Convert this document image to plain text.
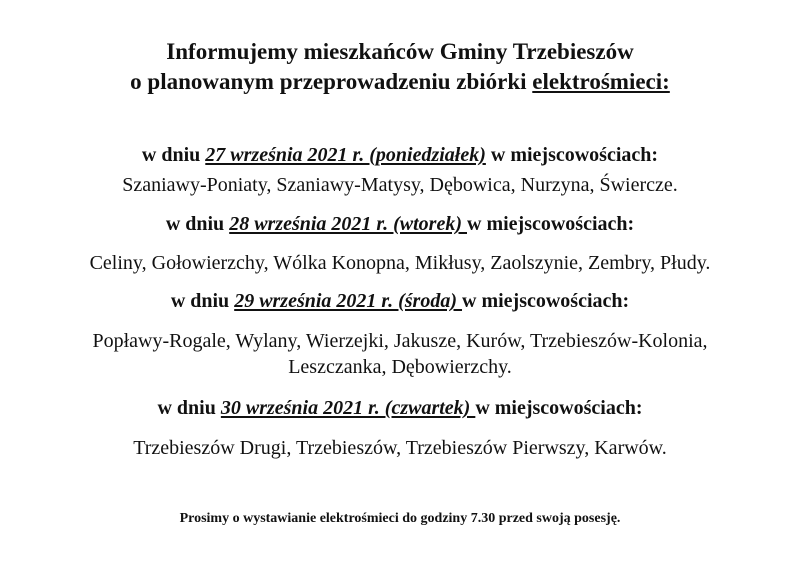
Informujemy mieszkańców Gminy Trzebieszów

o planowanym przeprowadzeniu zbiórki elektrośmieci:

w dniu 27 września 2021 r. (poniedziałek) w miejscowościach:

Szaniawy-Poniaty, Szaniawy-Matysy, Dębowica, Nurzyna, Świercze.

w dniu 28 września 2021 r. (wtorek) w miejscowościach:

Celiny, Gołowierzchy, Wólka Konopna, Mikłusy, Zaolszynie, Zembry, Płudy.

w dniu 29 września 2021 r. (środa) w miejscowościach:

Popławy-Rogale, Wylany, Wierzejki, Jakusze, Kurów, Trzebieszów-Kolonia,

Leszczanka, Dębowierzchy.

w dniu 30 września 2021 r. (czwartek) w miejscowościach:

Trzebieszów Drugi, Trzebieszów, Trzebieszów Pierwszy, Karwów.

Prosimy o wystawianie elektrośmieci do godziny 7.30 przed swoją posesję.
